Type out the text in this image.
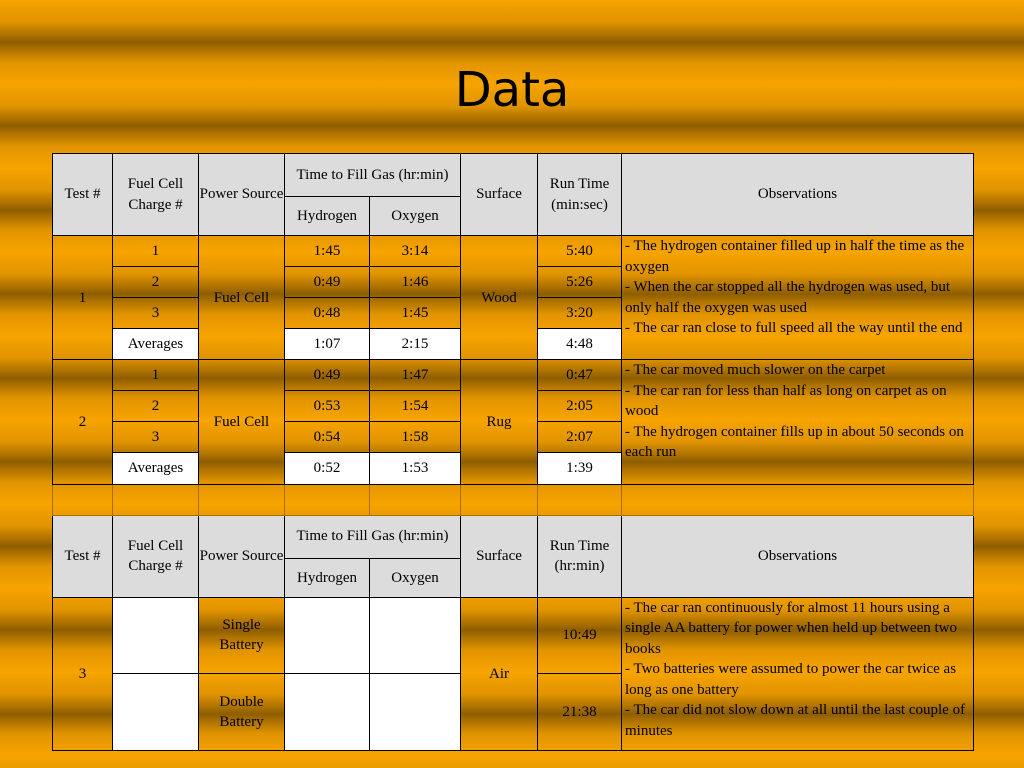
Data
Test #	Fuel Cell Charge #	Power Source	Time to Fill Gas (hr:min)		Surface	Run Time (min:sec)	Observations
			Hydrogen	Oxygen			
1	1	Fuel Cell	1:45	3:14	Wood	5:40	- The hydrogen container filled up in half the time as the oxygen
- When the car stopped all the hydrogen was used, but only half the oxygen was used
- The car ran close to full speed all the way until the end

	2		0:49	1:46		5:26	
	3		0:48	1:45		3:20	
	Averages		1:07	2:15		4:48	
2	1	Fuel Cell	0:49	1:47	Rug	0:47	- The car moved much slower on the carpet
- The car ran for less than half as long on carpet as on wood
- The hydrogen container fills up in about 50 seconds on each run

	2		0:53	1:54		2:05	
	3		0:54	1:58		2:07	
	Averages		0:52	1:53		1:39	

Test #	Fuel Cell Charge #	Power Source	Time to Fill Gas (hr:min)		Surface	Run Time (hr:min)	Observations
			Hydrogen	Oxygen			
3		Single Battery			Air	10:49	- The car ran continuously for almost 11 hours using a single AA battery for power when held up between two books
- Two batteries were assumed to power the car twice as long as one battery
- The car did not slow down at all until the last couple of minutes

		Double Battery				21:38	
